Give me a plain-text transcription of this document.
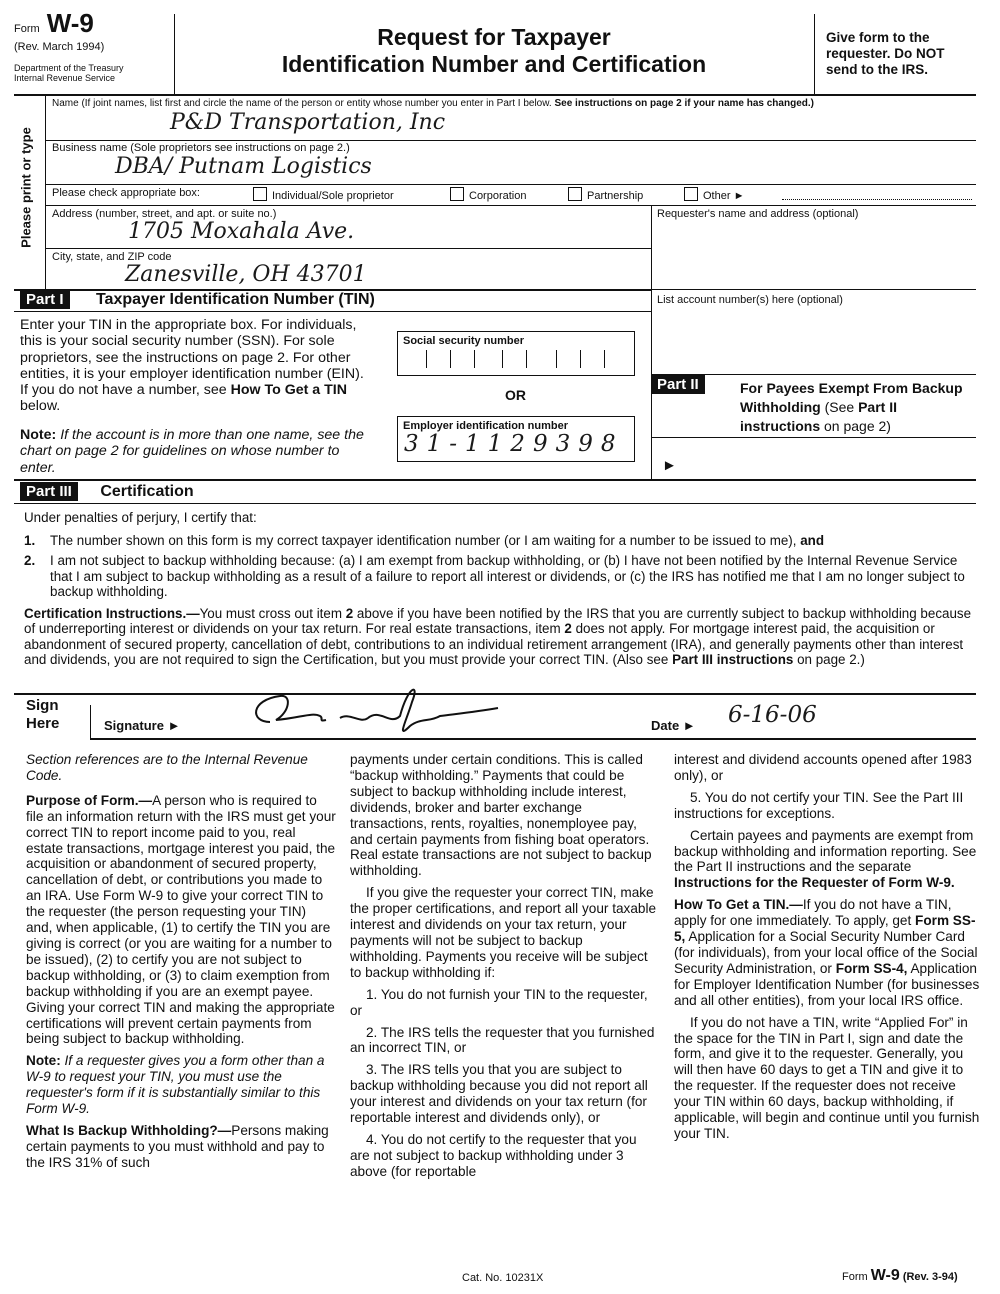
Form W-9
(Rev. March 1994)
Department of the Treasury
Internal Revenue Service
Request for Taxpayer
Identification Number and Certification
Give form to the requester. Do NOT send to the IRS.
Please print or type
Name (If joint names, list first and circle the name of the person or entity whose number you enter in Part I below. See instructions on page 2 if your name has changed.)
P&D Transportation, Inc
Business name (Sole proprietors see instructions on page 2.)
DBA/ Putnam Logistics
Please check appropriate box:	Individual/Sole proprietor	Corporation	Partnership	Other ►
Address (number, street, and apt. or suite no.)
1705 Moxahala Ave.
Requester's name and address (optional)
City, state, and ZIP code
Zanesville, OH 43701
Part I Taxpayer Identification Number (TIN)	List account number(s) here (optional)
Enter your TIN in the appropriate box. For individuals, this is your social security number (SSN). For sole proprietors, see the instructions on page 2. For other entities, it is your employer identification number (EIN). If you do not have a number, see How To Get a TIN below.
Note: If the account is in more than one name, see the chart on page 2 for guidelines on whose number to enter.
Social security number
OR
Employer identification number
31-1129398
Part II	For Payees Exempt From Backup Withholding (See Part II instructions on page 2)
►
Part III Certification

Under penalties of perjury, I certify that:

1.	The number shown on this form is my correct taxpayer identification number (or I am waiting for a number to be issued to me), and
2.	I am not subject to backup withholding because: (a) I am exempt from backup withholding, or (b) I have not been notified by the Internal Revenue Service that I am subject to backup withholding as a result of a failure to report all interest or dividends, or (c) the IRS has notified me that I am no longer subject to backup withholding.

Certification Instructions.—You must cross out item 2 above if you have been notified by the IRS that you are currently subject to backup withholding because of underreporting interest or dividends on your tax return. For real estate transactions, item 2 does not apply. For mortgage interest paid, the acquisition or abandonment of secured property, cancellation of debt, contributions to an individual retirement arrangement (IRA), and generally payments other than interest and dividends, you are not required to sign the Certification, but you must provide your correct TIN. (Also see Part III instructions on page 2.)

Sign
Here	Signature ►	Date ► 6-16-06

Section references are to the Internal Revenue Code.

Purpose of Form.—A person who is required to file an information return with the IRS must get your correct TIN to report income paid to you, real estate transactions, mortgage interest you paid, the acquisition or abandonment of secured property, cancellation of debt, or contributions you made to an IRA. Use Form W-9 to give your correct TIN to the requester (the person requesting your TIN) and, when applicable, (1) to certify the TIN you are giving is correct (or you are waiting for a number to be issued), (2) to certify you are not subject to backup withholding, or (3) to claim exemption from backup withholding if you are an exempt payee. Giving your correct TIN and making the appropriate certifications will prevent certain payments from being subject to backup withholding.

Note: If a requester gives you a form other than a W-9 to request your TIN, you must use the requester's form if it is substantially similar to this Form W-9.

What Is Backup Withholding?—Persons making certain payments to you must withhold and pay to the IRS 31% of such

payments under certain conditions. This is called “backup withholding.” Payments that could be subject to backup withholding include interest, dividends, broker and barter exchange transactions, rents, royalties, nonemployee pay, and certain payments from fishing boat operators. Real estate transactions are not subject to backup withholding.

If you give the requester your correct TIN, make the proper certifications, and report all your taxable interest and dividends on your tax return, your payments will not be subject to backup withholding. Payments you receive will be subject to backup withholding if:

1. You do not furnish your TIN to the requester, or

2. The IRS tells the requester that you furnished an incorrect TIN, or

3. The IRS tells you that you are subject to backup withholding because you did not report all your interest and dividends on your tax return (for reportable interest and dividends only), or

4. You do not certify to the requester that you are not subject to backup withholding under 3 above (for reportable

interest and dividend accounts opened after 1983 only), or

5. You do not certify your TIN. See the Part III instructions for exceptions.

Certain payees and payments are exempt from backup withholding and information reporting. See the Part II instructions and the separate Instructions for the Requester of Form W-9.

How To Get a TIN.—If you do not have a TIN, apply for one immediately. To apply, get Form SS-5, Application for a Social Security Number Card (for individuals), from your local office of the Social Security Administration, or Form SS-4, Application for Employer Identification Number (for businesses and all other entities), from your local IRS office.

If you do not have a TIN, write “Applied For” in the space for the TIN in Part I, sign and date the form, and give it to the requester. Generally, you will then have 60 days to get a TIN and give it to the requester. If the requester does not receive your TIN within 60 days, backup withholding, if applicable, will begin and continue until you furnish your TIN.

Cat. No. 10231X	Form W-9 (Rev. 3-94)
